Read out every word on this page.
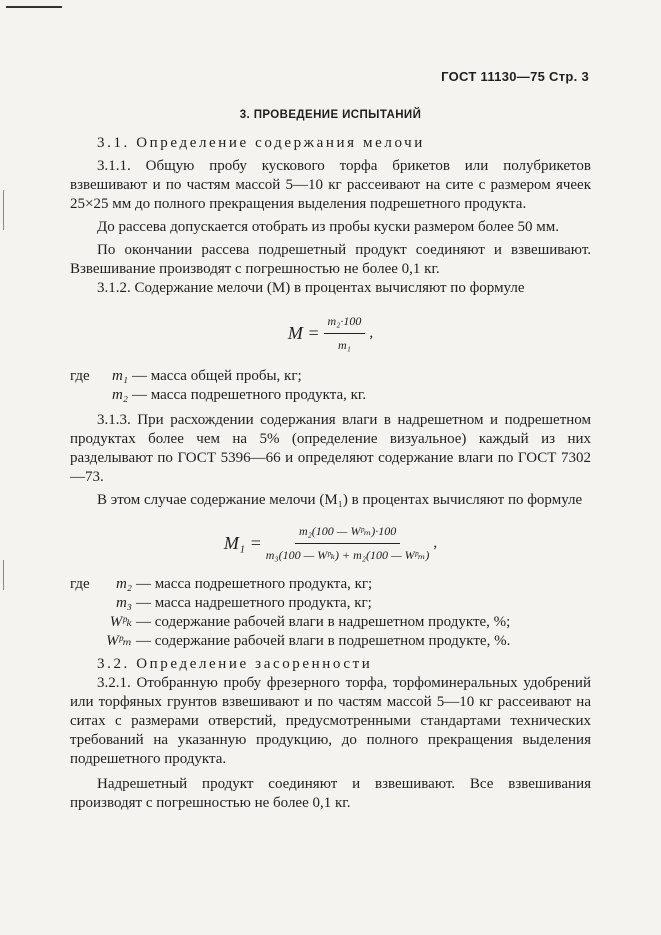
ГОСТ 11130—75 Стр. 3
3. ПРОВЕДЕНИЕ ИСПЫТАНИЙ

3.1. Определение содержания мелочи

3.1.1. Общую пробу кускового торфа брикетов или полубрикетов взвешивают и по частям массой 5—10 кг рассеивают на сите с размером ячеек 25×25 мм до полного прекращения выделения подрешетного продукта.

До рассева допускается отобрать из пробы куски размером более 50 мм.

По окончании рассева подрешетный продукт соединяют и взвешивают. Взвешивание производят с погрешностью не более 0,1 кг.

3.1.2. Содержание мелочи (M) в процентах вычисляют по формуле

$M = \frac{\text{m₂·100}}{\text{m₁}}$ ,
где	m₁ — масса общей пробы, кг;
m₂ — масса подрешетного продукта, кг.

3.1.3. При расхождении содержания влаги в надрешетном и подрешетном продуктах более чем на 5% (определение визуальное) каждый из них разделывают по ГОСТ 5396—66 и определяют содержание влаги по ГОСТ 7302—73.

В этом случае содержание мелочи (M₁) в процентах вычисляют по формуле

$M_1 = \frac{\text{m₂(100 — Wᵖₘ)·100}}{\text{m₃(100 — Wᵖₖ) + m₂(100 — Wᵖₘ)}}$ ,
где	m₂ — масса подрешетного продукта, кг;
m₃ — масса надрешетного продукта, кг;
Wᵖₖ — содержание рабочей влаги в надрешетном продукте, %;
Wᵖₘ — содержание рабочей влаги в подрешетном продукте, %.

3.2. Определение засоренности

3.2.1. Отобранную пробу фрезерного торфа, торфоминеральных удобрений или торфяных грунтов взвешивают и по частям массой 5—10 кг рассеивают на ситах с размерами отверстий, предусмотренными стандартами технических требований на указанную продукцию, до полного прекращения выделения подрешетного продукта.

Надрешетный продукт соединяют и взвешивают. Все взвешивания производят с погрешностью не более 0,1 кг.
